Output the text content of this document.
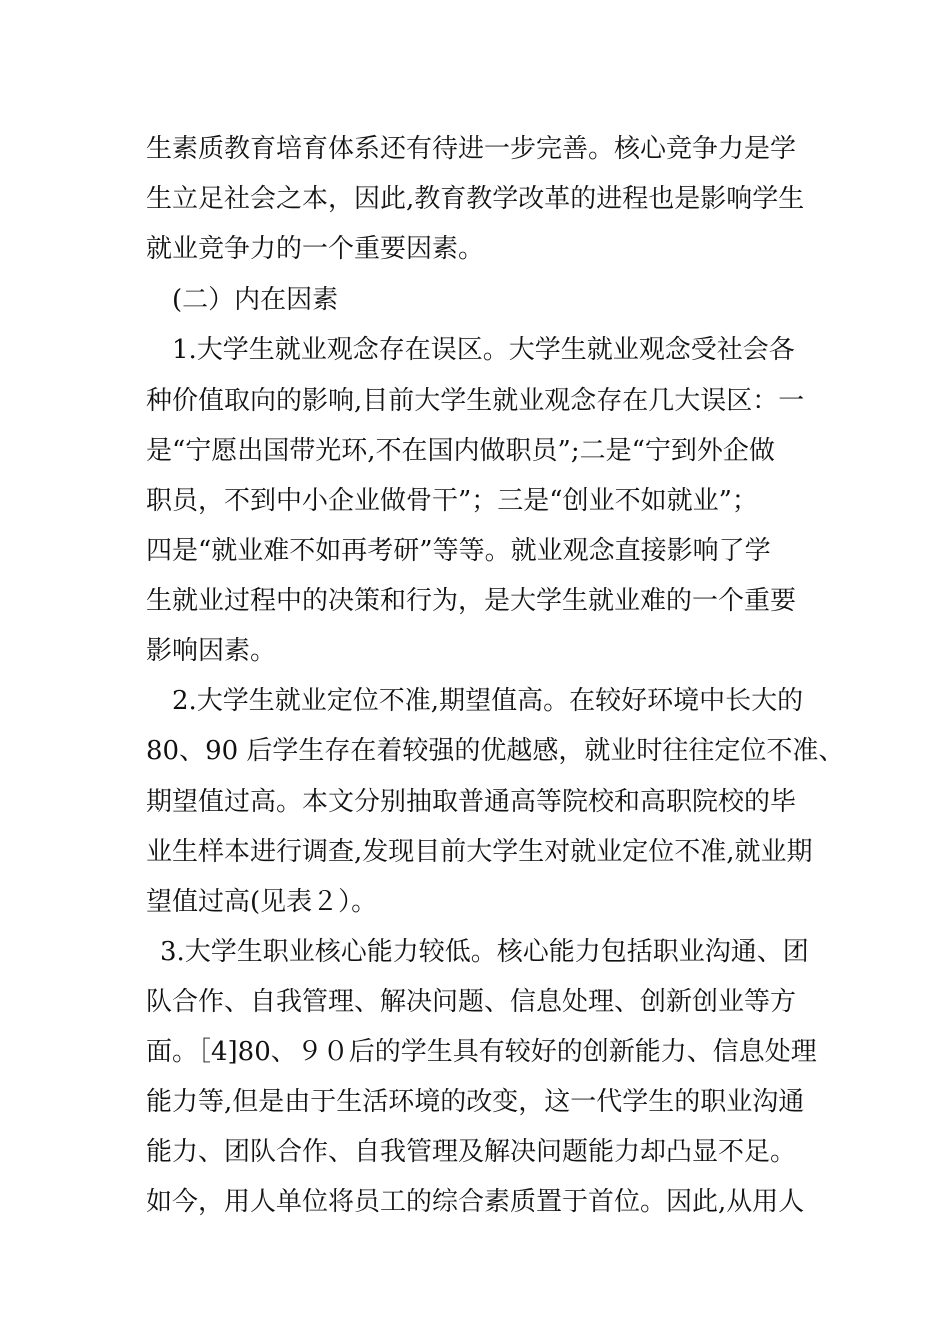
生素质教育培育体系还有待进一步完善。核心竞争力是学
生立足社会之本，因此,教育教学改革的进程也是影响学生
就业竞争力的一个重要因素。
　(二）内在因素
　1.大学生就业观念存在误区。大学生就业观念受社会各
种价值取向的影响,目前大学生就业观念存在几大误区：一
是“宁愿出国带光环,不在国内做职员”;二是“宁到外企做
职员，不到中小企业做骨干”；三是“创业不如就业”；
四是“就业难不如再考研”等等。就业观念直接影响了学
生就业过程中的决策和行为，是大学生就业难的一个重要
影响因素。
　2.大学生就业定位不准,期望值高。在较好环境中长大的
80、90 后学生存在着较强的优越感，就业时往往定位不准、
期望值过高。本文分别抽取普通高等院校和高职院校的毕
业生样本进行调查,发现目前大学生对就业定位不准,就业期
望值过高(见表２）。
3.大学生职业核心能力较低。核心能力包括职业沟通、团
队合作、自我管理、解决问题、信息处理、创新创业等方
面。［4]80、９０后的学生具有较好的创新能力、信息处理
能力等,但是由于生活环境的改变，这一代学生的职业沟通
能力、团队合作、自我管理及解决问题能力却凸显不足。
如今，用人单位将员工的综合素质置于首位。因此,从用人
